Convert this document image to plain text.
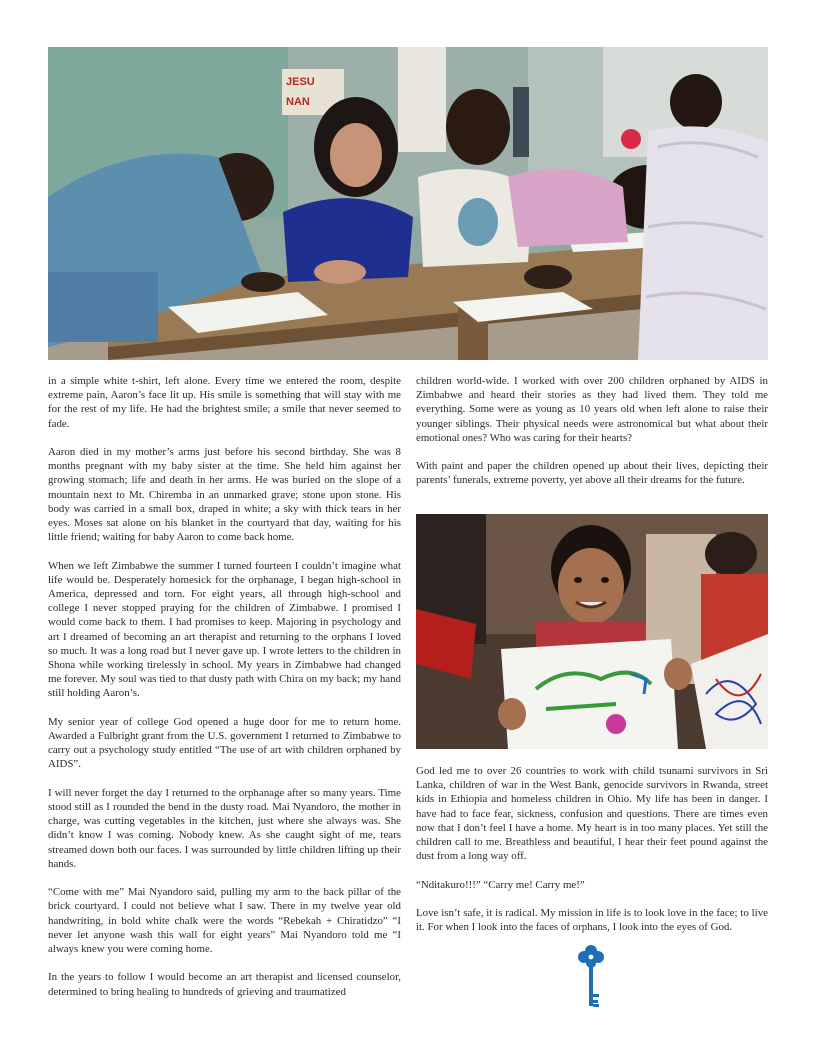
JESU
NAN

in a simple white t-shirt, left alone. Every time we entered the room, despite extreme pain, Aaron’s face lit up. His smile is something that will stay with me for the rest of my life. He had the brightest smile; a smile that never seemed to fade.

Aaron died in my mother’s arms just before his second birthday. She was 8 months pregnant with my baby sister at the time. She held him against her growing stomach; life and death in her arms. He was buried on the slope of a mountain next to Mt. Chiremba in an unmarked grave; stone upon stone. His body was carried in a small box, draped in white; a sky with thick tears in her eyes. Moses sat alone on his blanket in the courtyard that day, waiting for his little friend; waiting for baby Aaron to come back home.

When we left Zimbabwe the summer I turned fourteen I couldn’t imagine what life would be. Desperately homesick for the orphanage, I began high-school in America, depressed and torn. For eight years, all through high-school and college I never stopped praying for the children of Zimbabwe. I promised I would come back to them. I had promises to keep. Majoring in psychology and art I dreamed of becoming an art therapist and returning to the orphans I loved so much. It was a long road but I never gave up. I wrote letters to the children in Shona while working tirelessly in school. My years in Zimbabwe had changed me forever. My soul was tied to that dusty path with Chira on my back; my hand still holding Aaron’s.

My senior year of college God opened a huge door for me to return home. Awarded a Fulbright grant from the U.S. government I returned to Zimbabwe to carry out a psychology study entitled “The use of art with children orphaned by AIDS”.

I will never forget the day I returned to the orphanage after so many years. Time stood still as I rounded the bend in the dusty road. Mai Nyandoro, the mother in charge, was cutting vegetables in the kitchen, just where she always was. She didn’t know I was coming. Nobody knew. As she caught sight of me, tears streamed down both our faces. I was surrounded by little children lifting up their hands.

“Come with me” Mai Nyandoro said, pulling my arm to the back pillar of the brick courtyard. I could not believe what I saw. There in my twelve year old handwriting, in bold white chalk were the words “Rebekah + Chiratidzo” “I never let anyone wash this wall for eight years” Mai Nyandoro told me “I always knew you were coming home.

In the years to follow I would become an art therapist and licensed counselor, determined to bring healing to hundreds of grieving and traumatized

children world-wide. I worked with over 200 children orphaned by AIDS in Zimbabwe and heard their stories as they had lived them. They told me everything. Some were as young as 10 years old when left alone to raise their younger siblings. Their physical needs were astronomical but what about their emotional ones? Who was caring for their hearts?

With paint and paper the children opened up about their lives, depicting their parents’ funerals, extreme poverty, yet above all their dreams for the future.

God led me to over 26 countries to work with child tsunami survivors in Sri Lanka, children of war in the West Bank, genocide survivors in Rwanda, street kids in Ethiopia and homeless children in Ohio. My life has been in danger. I have had to face fear, sickness, confusion and questions. There are times even now that I don’t feel I have a home. My heart is in too many places. Yet still the children call to me. Breathless and beautiful, I hear their feet pound against the dust from a long way off.

“Nditakuro!!!” “Carry me! Carry me!”

Love isn’t safe, it is radical. My mission in life is to look love in the face; to live it. For when I look into the faces of orphans, I look into the eyes of God.
